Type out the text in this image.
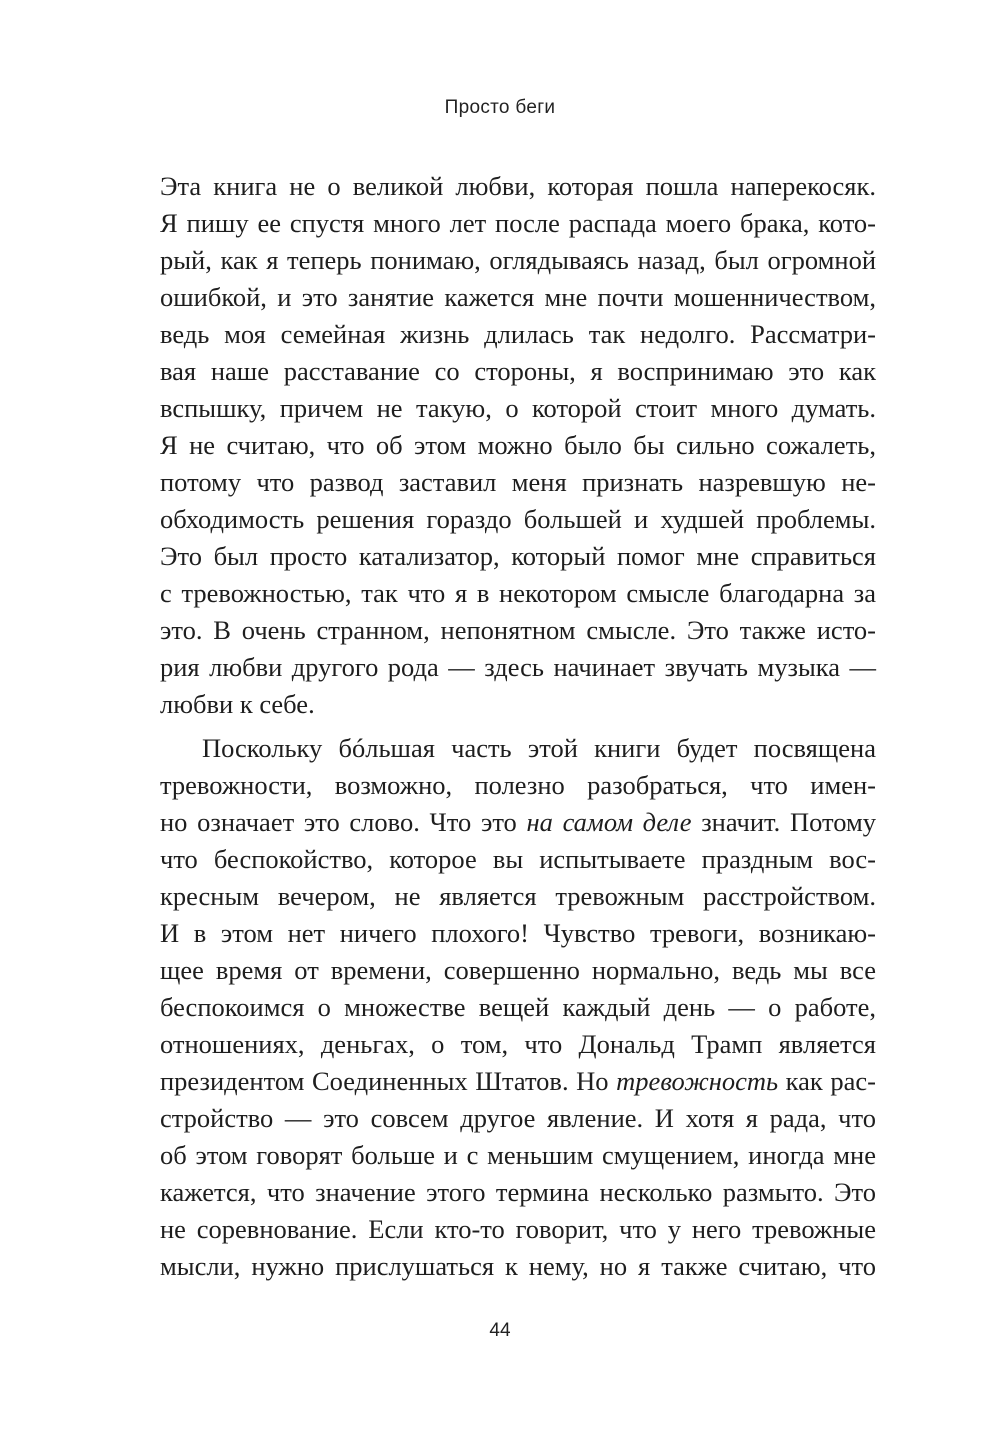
Просто беги

Эта книга не о великой любви, которая пошла наперекосяк.
Я пишу ее спустя много лет после распада моего брака, кото-
рый, как я теперь понимаю, оглядываясь назад, был огромной
ошибкой, и это занятие кажется мне почти мошенничеством,
ведь моя семейная жизнь длилась так недолго. Рассматри-
вая наше расставание со стороны, я воспринимаю это как
вспышку, причем не такую, о которой стоит много думать.
Я не считаю, что об этом можно было бы сильно сожалеть,
потому что развод заставил меня признать назревшую не-
обходимость решения гораздо большей и худшей проблемы.
Это был просто катализатор, который помог мне справиться
с тревожностью, так что я в некотором смысле благодарна за
это. В очень странном, непонятном смысле. Это также исто-
рия любви другого рода — здесь начинает звучать музыка —
любви к себе.
Поскольку бóльшая часть этой книги будет посвящена
тревожности, возможно, полезно разобраться, что имен-
но означает это слово. Что это на самом деле значит. Потому
что беспокойство, которое вы испытываете праздным вос-
кресным вечером, не является тревожным расстройством.
И в этом нет ничего плохого! Чувство тревоги, возникаю-
щее время от времени, совершенно нормально, ведь мы все
беспокоимся о множестве вещей каждый день — о работе,
отношениях, деньгах, о том, что Дональд Трамп является
президентом Соединенных Штатов. Но тревожность как рас-
стройство — это совсем другое явление. И хотя я рада, что
об этом говорят больше и с меньшим смущением, иногда мне
кажется, что значение этого термина несколько размыто. Это
не соревнование. Если кто-то говорит, что у него тревожные
мысли, нужно прислушаться к нему, но я также считаю, что

44
